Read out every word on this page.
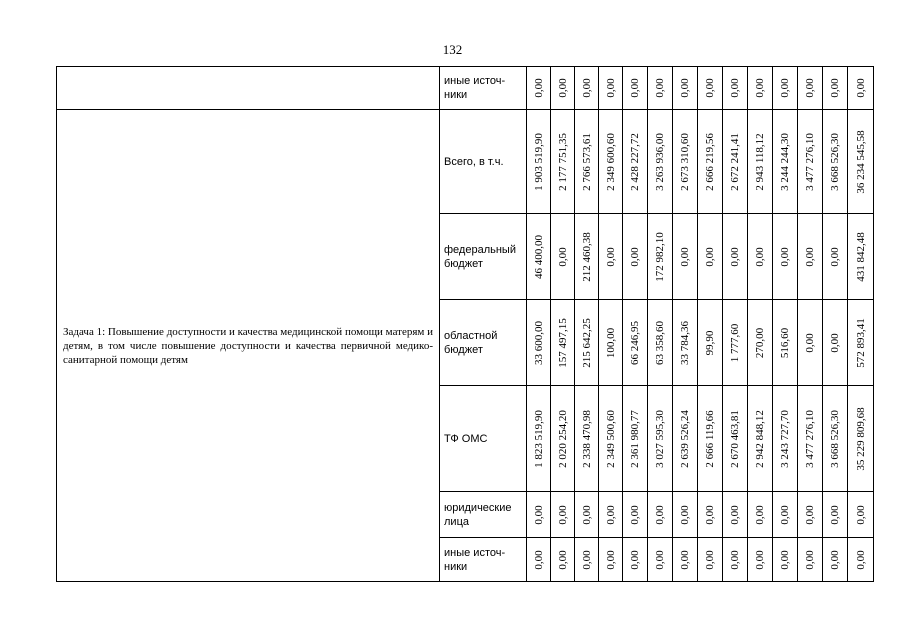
132
	иные источ-ники	0,00	0,00	0,00	0,00	0,00	0,00	0,00	0,00	0,00	0,00	0,00	0,00	0,00	0,00

Задача 1: Повышение доступности и качества медицинской помощи матерям и детям, в том числе повышение доступности и качества первичной медико-санитарной помощи детям	Всего, в т.ч.	1 903 519,90	2 177 751,35	2 766 573,61	2 349 600,60	2 428 227,72	3 263 936,00	2 673 310,60	2 666 219,56	2 672 241,41	2 943 118,12	3 244 244,30	3 477 276,10	3 668 526,30	36 234 545,58

	федеральный бюджет	46 400,00	0,00	212 460,38	0,00	0,00	172 982,10	0,00	0,00	0,00	0,00	0,00	0,00	0,00	431 842,48

	областной бюджет	33 600,00	157 497,15	215 642,25	100,00	66 246,95	63 358,60	33 784,36	99,90	1 777,60	270,00	516,60	0,00	0,00	572 893,41

	ТФ ОМС	1 823 519,90	2 020 254,20	2 338 470,98	2 349 500,60	2 361 980,77	3 027 595,30	2 639 526,24	2 666 119,66	2 670 463,81	2 942 848,12	3 243 727,70	3 477 276,10	3 668 526,30	35 229 809,68

	юридические лица	0,00	0,00	0,00	0,00	0,00	0,00	0,00	0,00	0,00	0,00	0,00	0,00	0,00	0,00

	иные источ-ники	0,00	0,00	0,00	0,00	0,00	0,00	0,00	0,00	0,00	0,00	0,00	0,00	0,00	0,00
